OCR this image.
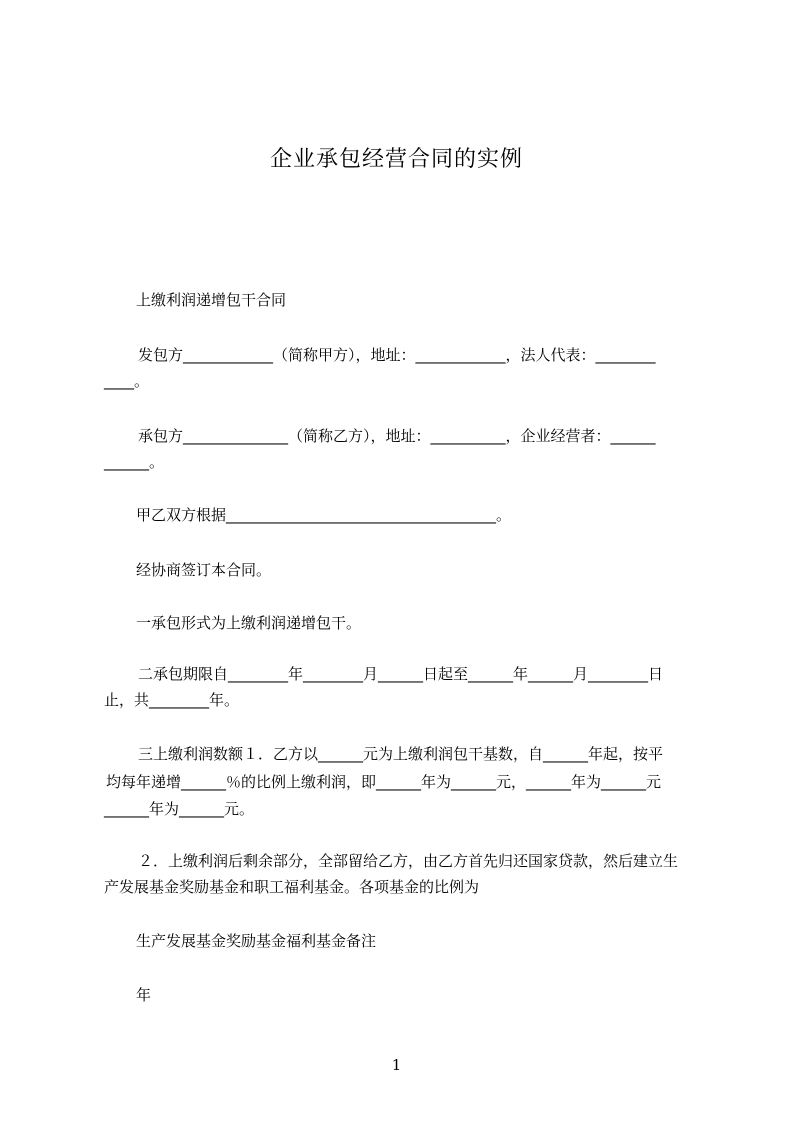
企业承包经营合同的实例
上缴利润递增包干合同
发包方____________（简称甲方），地址：____________，法人代表：________
____。
承包方______________（简称乙方），地址：__________，企业经营者：______
______。
甲乙双方根据____________________________________。
经协商签订本合同。
一承包形式为上缴利润递增包干。
二承包期限自________年________月______日起至______年______月________日
止，共________年。
三上缴利润数额１．乙方以______元为上缴利润包干基数，自______年起，按平
均每年递增______％的比例上缴利润，即______年为______元，______年为______元
______年为______元。
２．上缴利润后剩余部分，全部留给乙方，由乙方首先归还国家贷款，然后建立生
产发展基金奖励基金和职工福利基金。各项基金的比例为
生产发展基金奖励基金福利基金备注
年
1
